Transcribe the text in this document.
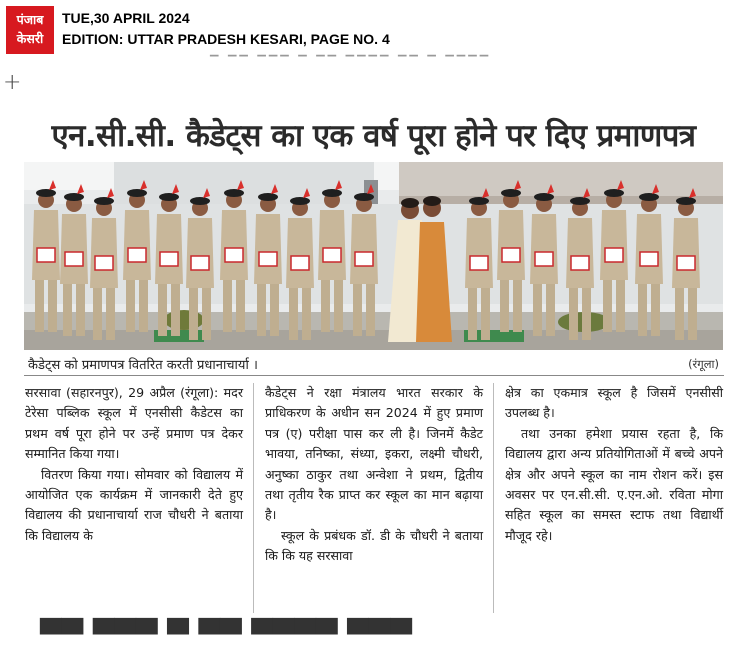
पंजाब
केसरी
TUE,30 APRIL 2024
EDITION: UTTAR PRADESH KESARI, PAGE NO. 4
▔ ▔▔ ▔▔▔ ▔ ▔▔ ▔▔▔▔ ▔▔ ▔ ▔▔▔▔
+
एन.सी.सी. कैडेट्स का एक वर्ष पूरा होने पर दिए प्रमाणपत्र
कैडेट्स को प्रमाणपत्र वितरित करती प्रधानाचार्या ।	(रंगूला)

सरसावा (सहारनपुर), 29 अप्रैल (रंगूला): मदर टेरेसा पब्लिक स्कूल में एनसीसी कैडेटस का प्रथम वर्ष पूरा होने पर उन्हें प्रमाण पत्र देकर सम्मानित किया गया।

वितरण किया गया। सोमवार को विद्यालय में आयोजित एक कार्यक्रम में जानकारी देते हुए विद्यालय की प्रधानाचार्या राज चौधरी ने बताया कि विद्यालय के

कैडेट्स ने रक्षा मंत्रालय भारत सरकार के प्राधिकरण के अधीन सन 2024 में हुए प्रमाण पत्र (ए) परीक्षा पास कर ली है। जिनमें कैडेट भावया, तनिष्का, संध्या, इकरा, लक्ष्मी चौधरी, अनुष्का ठाकुर तथा अन्वेशा ने प्रथम, द्वितीय तथा तृतीय रैक प्राप्त कर स्कूल का मान बढ़ाया है।

स्कूल के प्रबंधक डॉ. डी के चौधरी ने बताया कि कि यह सरसावा

क्षेत्र का एकमात्र स्कूल है जिसमें एनसीसी उपलब्ध है।

तथा उनका हमेशा प्रयास रहता है, कि विद्यालय द्वारा अन्य प्रतियोगिताओं में बच्चे अपने क्षेत्र और अपने स्कूल का नाम रोशन करें। इस अवसर पर एन.सी.सी. ए.एन.ओ. रविता मोगा सहित स्कूल का समस्त स्टाफ तथा विद्यार्थी मौजूद रहे।

▀▀ ▀▀▀ ▀ ▀▀ ▀▀▀▀ ▀▀▀
